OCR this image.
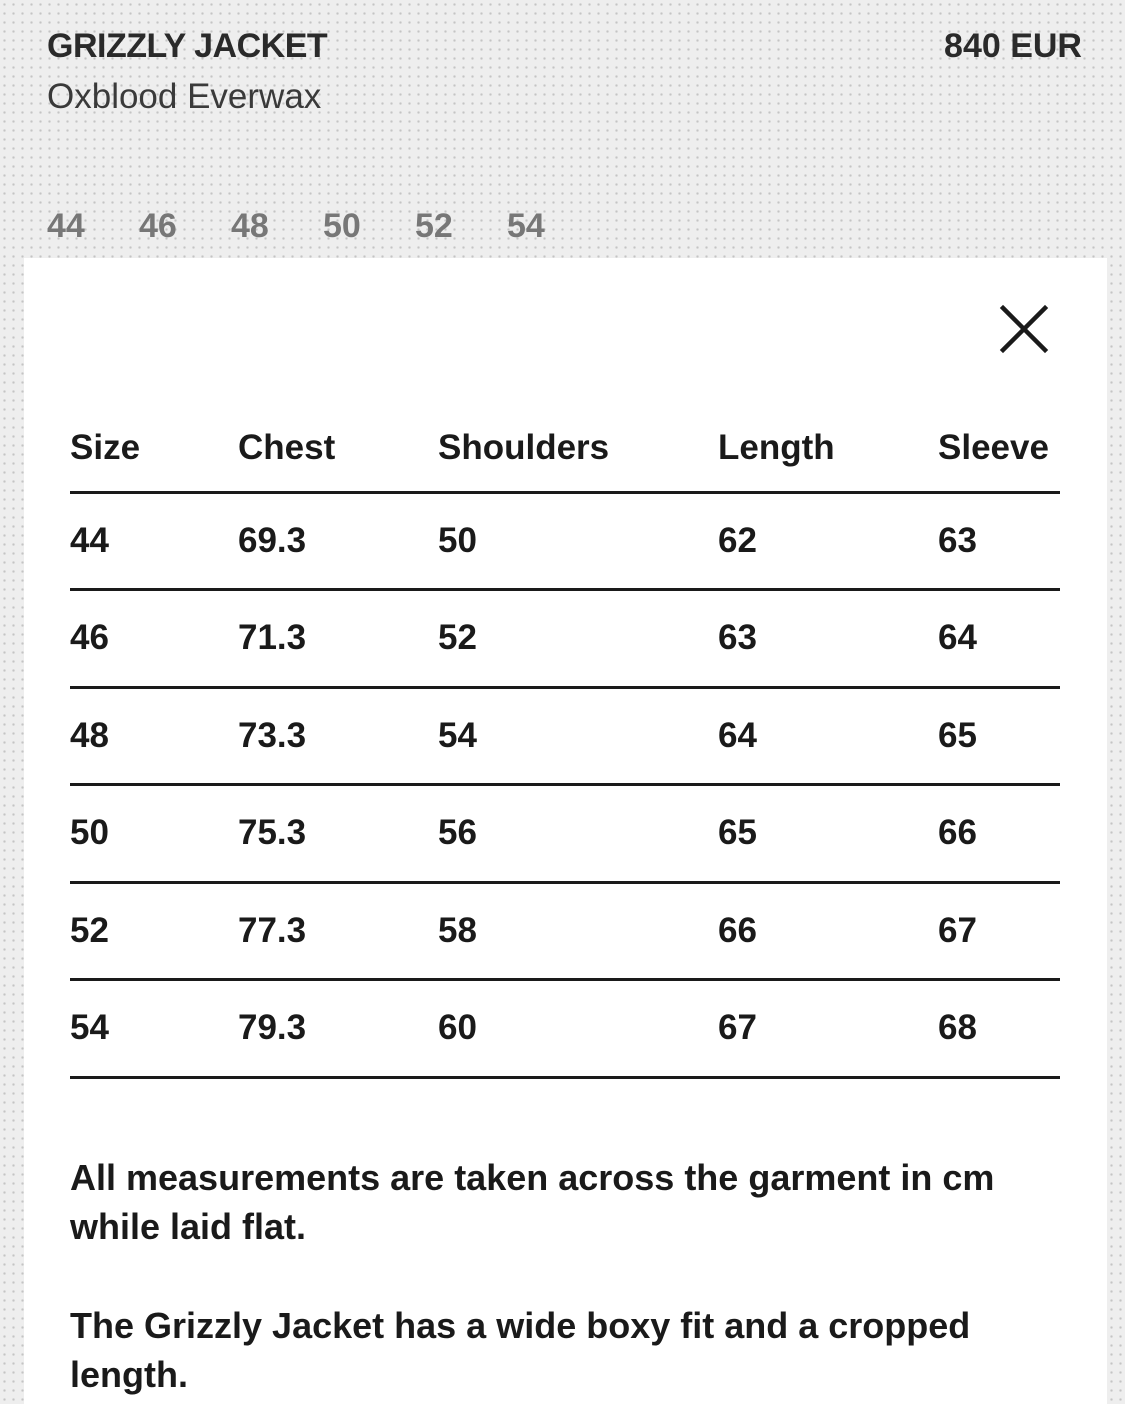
GRIZZLY JACKET	840 EUR
Oxblood Everwax
44	46	48	50	52	54
Size	Chest	Shoulders	Length	Sleeve
44	69.3	50	62	63
46	71.3	52	63	64
48	73.3	54	64	65
50	75.3	56	65	66
52	77.3	58	66	67
54	79.3	60	67	68
All measurements are taken across the garment in cm while laid flat.
The Grizzly Jacket has a wide boxy fit and a cropped length.
